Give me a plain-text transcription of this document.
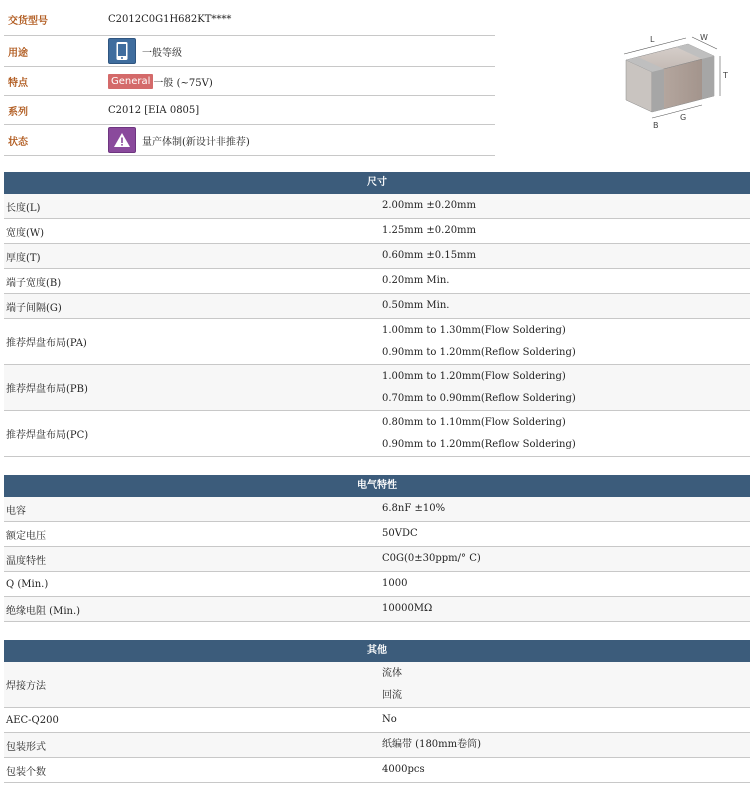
交货型号	C2012C0G1H682KT****
用途	一般等级
特点	General 一般 (~75V)
系列	C2012 [EIA 0805]
状态	量产体制(新设计非推荐)
L	W
T
B
G
尺寸
长度(L)	2.00mm ±0.20mm
宽度(W)	1.25mm ±0.20mm
厚度(T)	0.60mm ±0.15mm
端子宽度(B)	0.20mm Min.
端子间隔(G)	0.50mm Min.
推荐焊盘布局(PA)
1.00mm to 1.30mm(Flow Soldering)
0.90mm to 1.20mm(Reflow Soldering)
推荐焊盘布局(PB)
1.00mm to 1.20mm(Flow Soldering)
0.70mm to 0.90mm(Reflow Soldering)
推荐焊盘布局(PC)
0.80mm to 1.10mm(Flow Soldering)
0.90mm to 1.20mm(Reflow Soldering)
电气特性
电容	6.8nF ±10%
额定电压	50VDC
温度特性	C0G(0±30ppm/° C)
Q (Min.)	1000
绝缘电阻 (Min.)	10000MΩ
其他
焊接方法
流体
回流
AEC-Q200	No
包装形式	纸编带 (180mm卷筒)
包装个数	4000pcs
